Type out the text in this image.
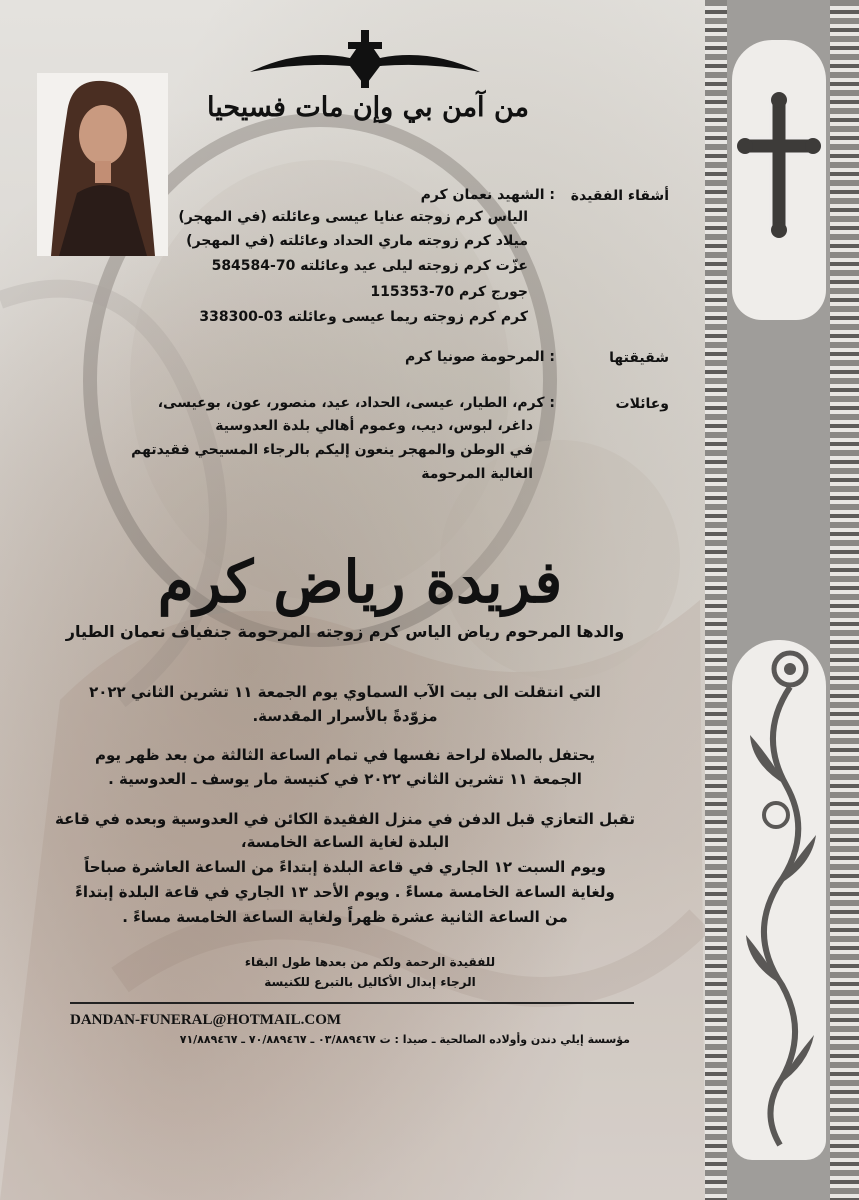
من آمن بي وإن مات فسيحيا
أشقاء الفقيدة
: الشهيد نعمان كرم
الياس كرم زوجته عنايا عيسى وعائلته (في المهجر)
ميلاد كرم زوجته ماري الحداد وعائلته (في المهجر)
عزّت كرم زوجته ليلى عيد وعائلته 70-584584
جورج كرم 70-115353
كرم كرم زوجته ريما عيسى وعائلته 03-338300
شقيقتها
: المرحومة صونيا كرم
وعائلات
: كرم، الطيار، عيسى، الحداد، عيد، منصور، عون، بوعيسى،
داغر، لبوس، ديب، وعموم أهالي بلدة العدوسية
في الوطن والمهجر ينعون إليكم بالرجاء المسيحي فقيدتهم
الغالية المرحومة
فريدة رياض كرم
والدها المرحوم رياض الياس كرم زوجته المرحومة جنفياف نعمان الطيار
التي انتقلت الى بيت الآب السماوي يوم الجمعة ١١ تشرين الثاني ٢٠٢٢
مزوّدةً بالأسرار المقدسة.
يحتفل بالصلاة لراحة نفسها في تمام الساعة الثالثة من بعد ظهر يوم
الجمعة ١١ تشرين الثاني ٢٠٢٢ في كنيسة مار يوسف ـ العدوسية .
تقبل التعازي قبل الدفن في منزل الفقيدة الكائن في العدوسية وبعده في قاعة
البلدة لغاية الساعة الخامسة،
ويوم السبت ١٢ الجاري في قاعة البلدة إبتداءً من الساعة العاشرة صباحاً
ولغاية الساعة الخامسة مساءً . ويوم الأحد ١٣ الجاري في قاعة البلدة إبتداءً
من الساعة الثانية عشرة ظهراً ولغاية الساعة الخامسة مساءً .
للفقيدة الرحمة ولكم من بعدها طول البقاء
الرجاء إبدال الأكاليل بالتبرع للكنيسة
DANDAN-FUNERAL@HOTMAIL.COM
مؤسسة إيلي دندن وأولاده الصالحية ـ صيدا : ت ٠٣/٨٨٩٤٦٧ ـ ٧٠/٨٨٩٤٦٧ ـ ٧١/٨٨٩٤٦٧
